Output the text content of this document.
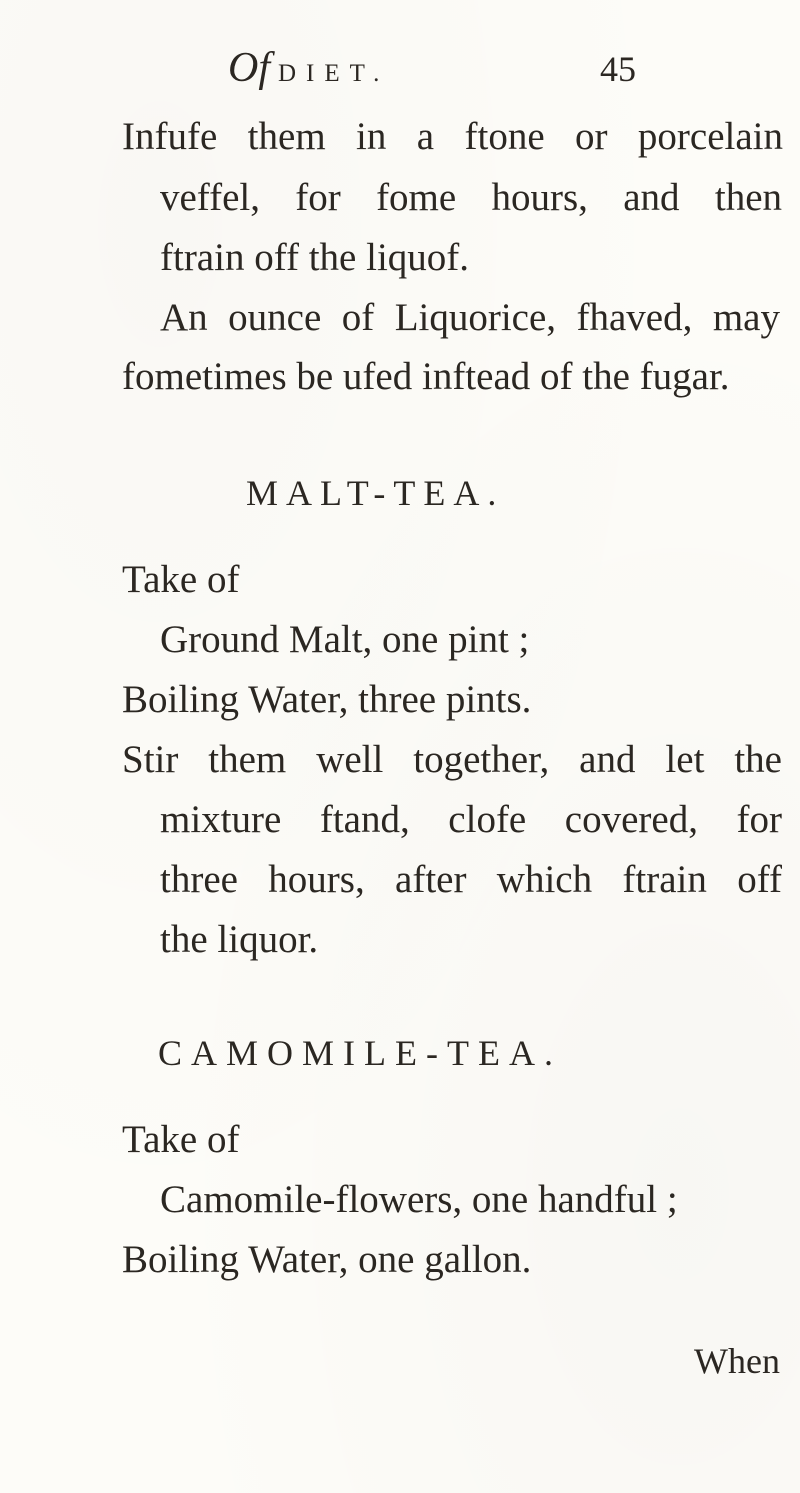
Of DIET.	45
Infufe them in a ftone or porcelain
veffel, for fome hours, and then
ftrain off the liquof.
An ounce of Liquorice, fhaved, may
fometimes be ufed inftead of the fugar.
MALT-TEA.
Take of
Ground Malt, one pint ;
Boiling Water, three pints.
Stir them well together, and let the
mixture ftand, clofe covered, for
three hours, after which ftrain off
the liquor.
CAMOMILE-TEA.
Take of
Camomile-flowers, one handful ;
Boiling Water, one gallon.
When
